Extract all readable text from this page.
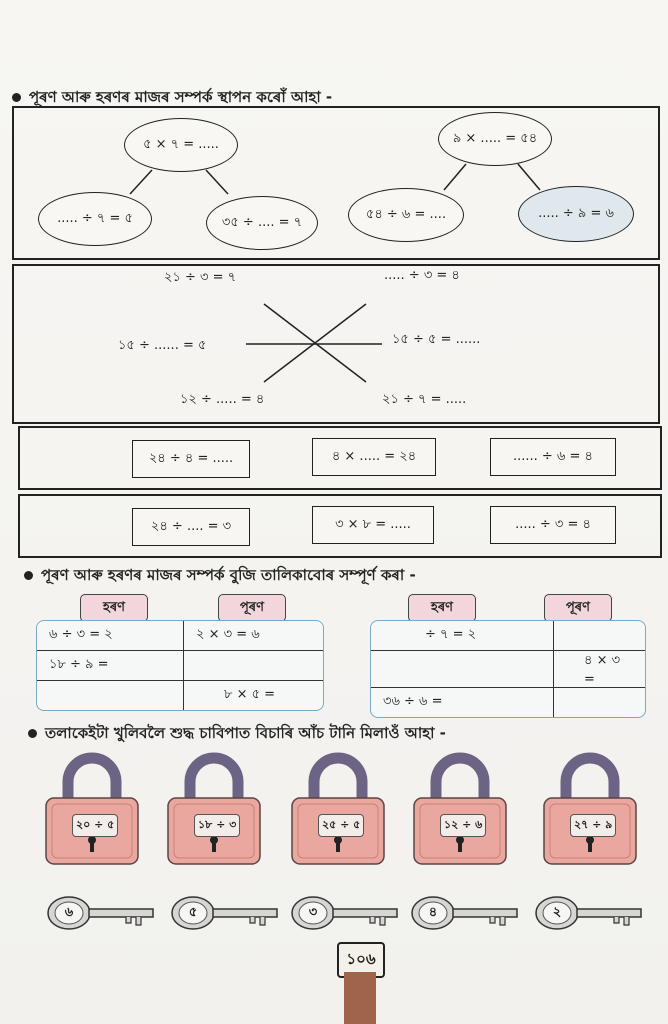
পূৰণ আৰু হৰণৰ মাজৰ সম্পৰ্ক স্থাপন কৰোঁ আহা -
৫ × ৭ = .....
..... ÷ ৭ = ৫	৩৫ ÷ .... = ৭
৯ × ..... = ৫৪
৫৪ ÷ ৬ = ....	..... ÷ ৯ = ৬
২১ ÷ ৩ = ৭	..... ÷ ৩ = ৪
১৫ ÷ ...... = ৫	১৫ ÷ ৫ = ......
১২ ÷ ..... = ৪	২১ ÷ ৭ = .....
২৪ ÷ ৪ = .....	৪ × ..... = ২৪	...... ÷ ৬ = ৪
২৪ ÷ .... = ৩	৩ × ৮ = .....	..... ÷ ৩ = ৪
পূৰণ আৰু হৰণৰ মাজৰ সম্পৰ্ক বুজি তালিকাবোৰ সম্পূৰ্ণ কৰা -
হৰণ	পূৰণ	হৰণ	পূৰণ
৬ ÷ ৩ = ২	২ × ৩ = ৬
১৮ ÷ ৯ =	
	৮ × ৫ =
÷ ৭ = ২	
	৪ × ৩ =
৩৬ ÷ ৬ =	
তলাকেইটা খুলিবলৈ শুদ্ধ চাবিপাত বিচাৰি আঁচ টানি মিলাওঁ আহা -
২০ ÷ ৫	১৮ ÷ ৩	২৫ ÷ ৫	১২ ÷ ৬	২৭ ÷ ৯
৬	৫	৩	৪	২
১০৬
